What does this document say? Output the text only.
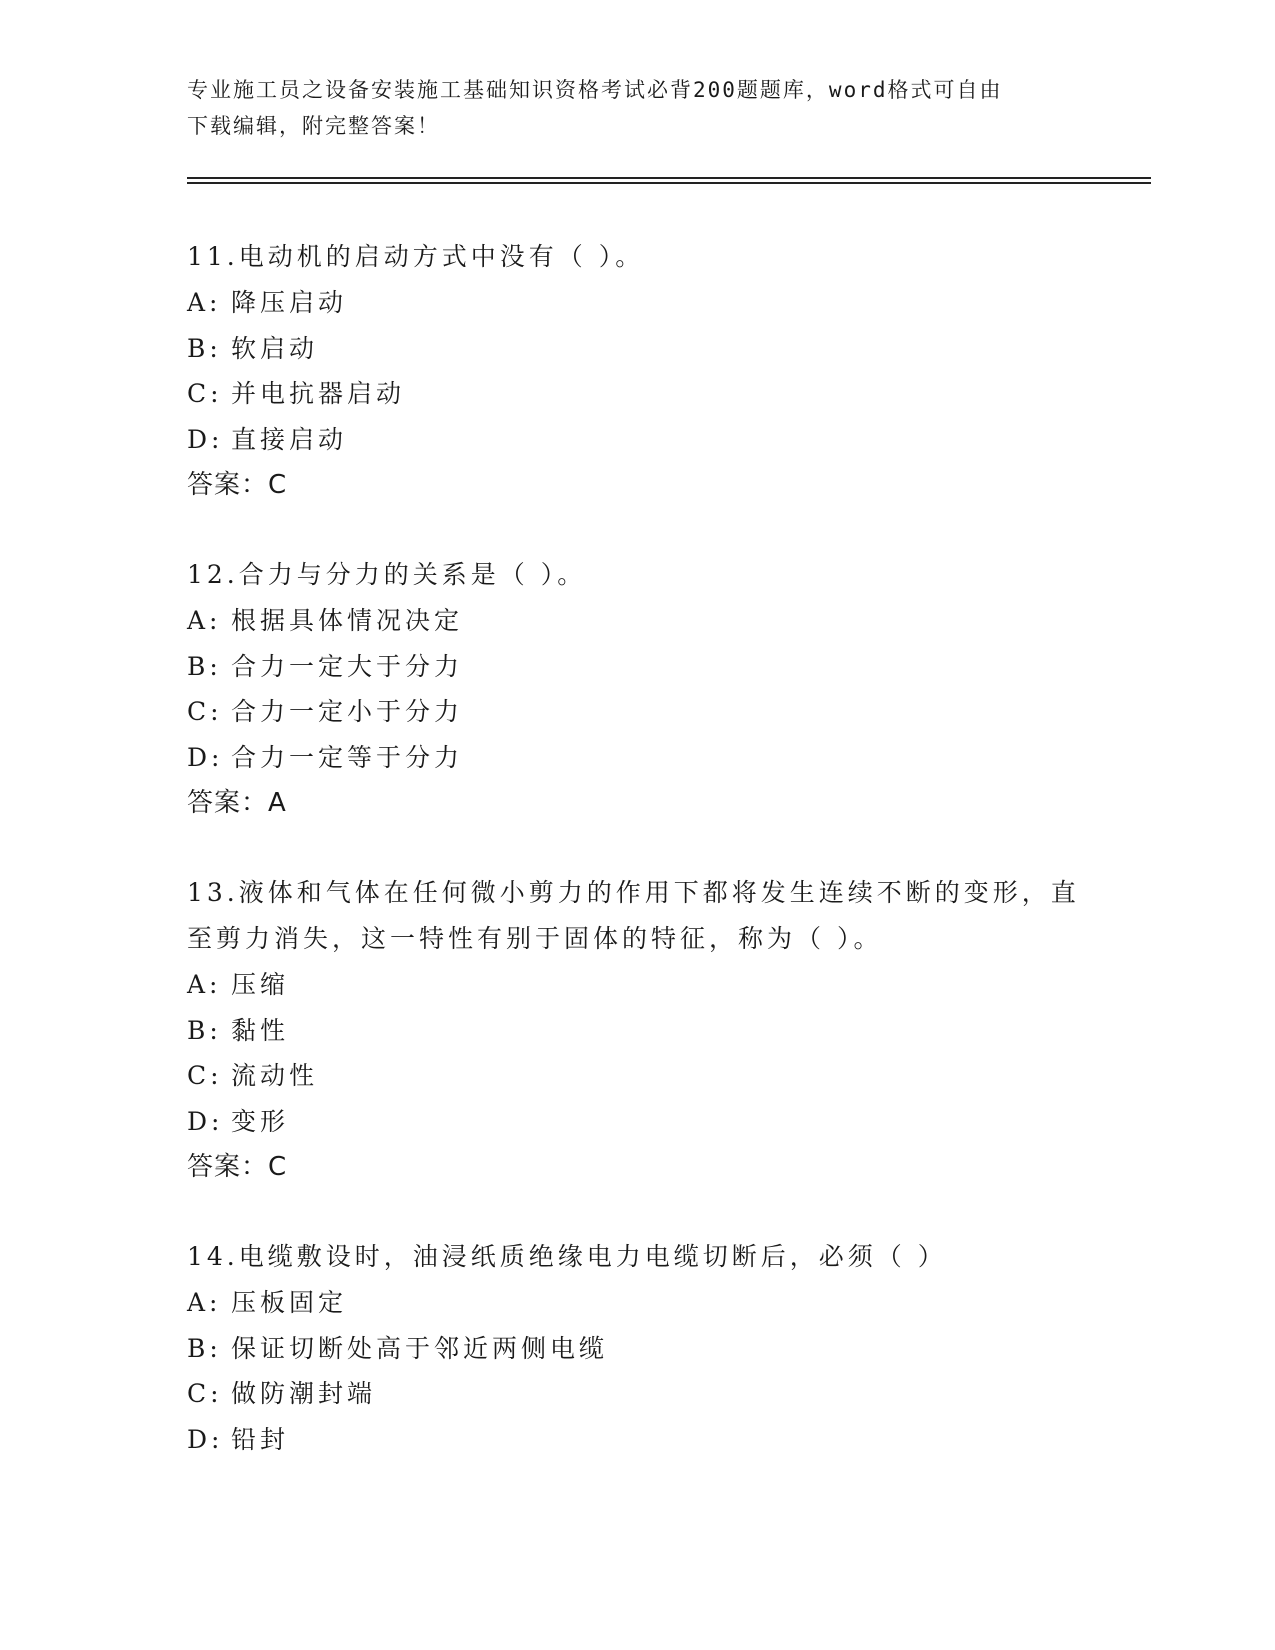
专业施工员之设备安装施工基础知识资格考试必背200题题库，word格式可自由
下载编辑，附完整答案！
11.电动机的启动方式中没有（ ）。
A: 降压启动
B: 软启动
C: 并电抗器启动
D: 直接启动
答案：C
12.合力与分力的关系是（ ）。
A: 根据具体情况决定
B: 合力一定大于分力
C: 合力一定小于分力
D: 合力一定等于分力
答案：A
13.液体和气体在任何微小剪力的作用下都将发生连续不断的变形，直
至剪力消失，这一特性有别于固体的特征，称为（ ）。
A: 压缩
B: 黏性
C: 流动性
D: 变形
答案：C
14.电缆敷设时，油浸纸质绝缘电力电缆切断后，必须（ ）
A: 压板固定
B: 保证切断处高于邻近两侧电缆
C: 做防潮封端
D: 铅封
